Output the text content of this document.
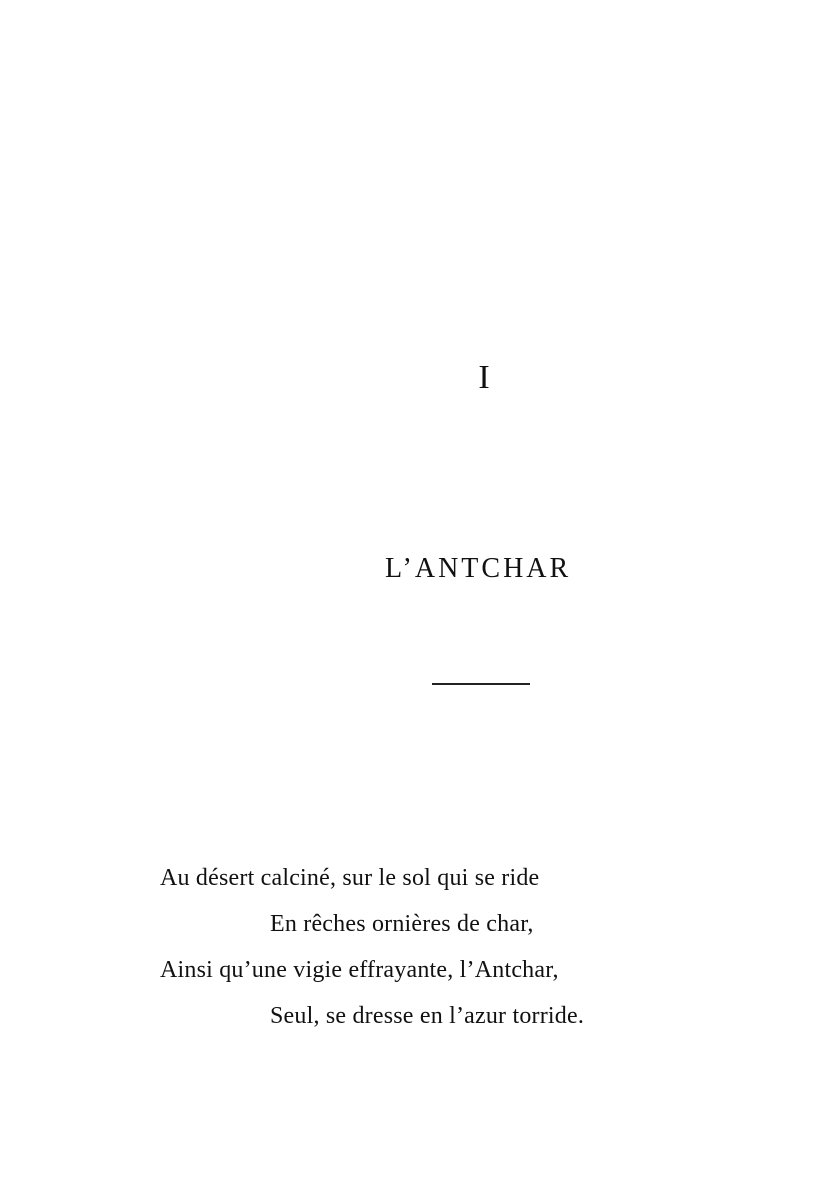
I
L’ANTCHAR
Au désert calciné, sur le sol qui se ride
En rêches ornières de char,
Ainsi qu’une vigie effrayante, l’Antchar,
Seul, se dresse en l’azur torride.
